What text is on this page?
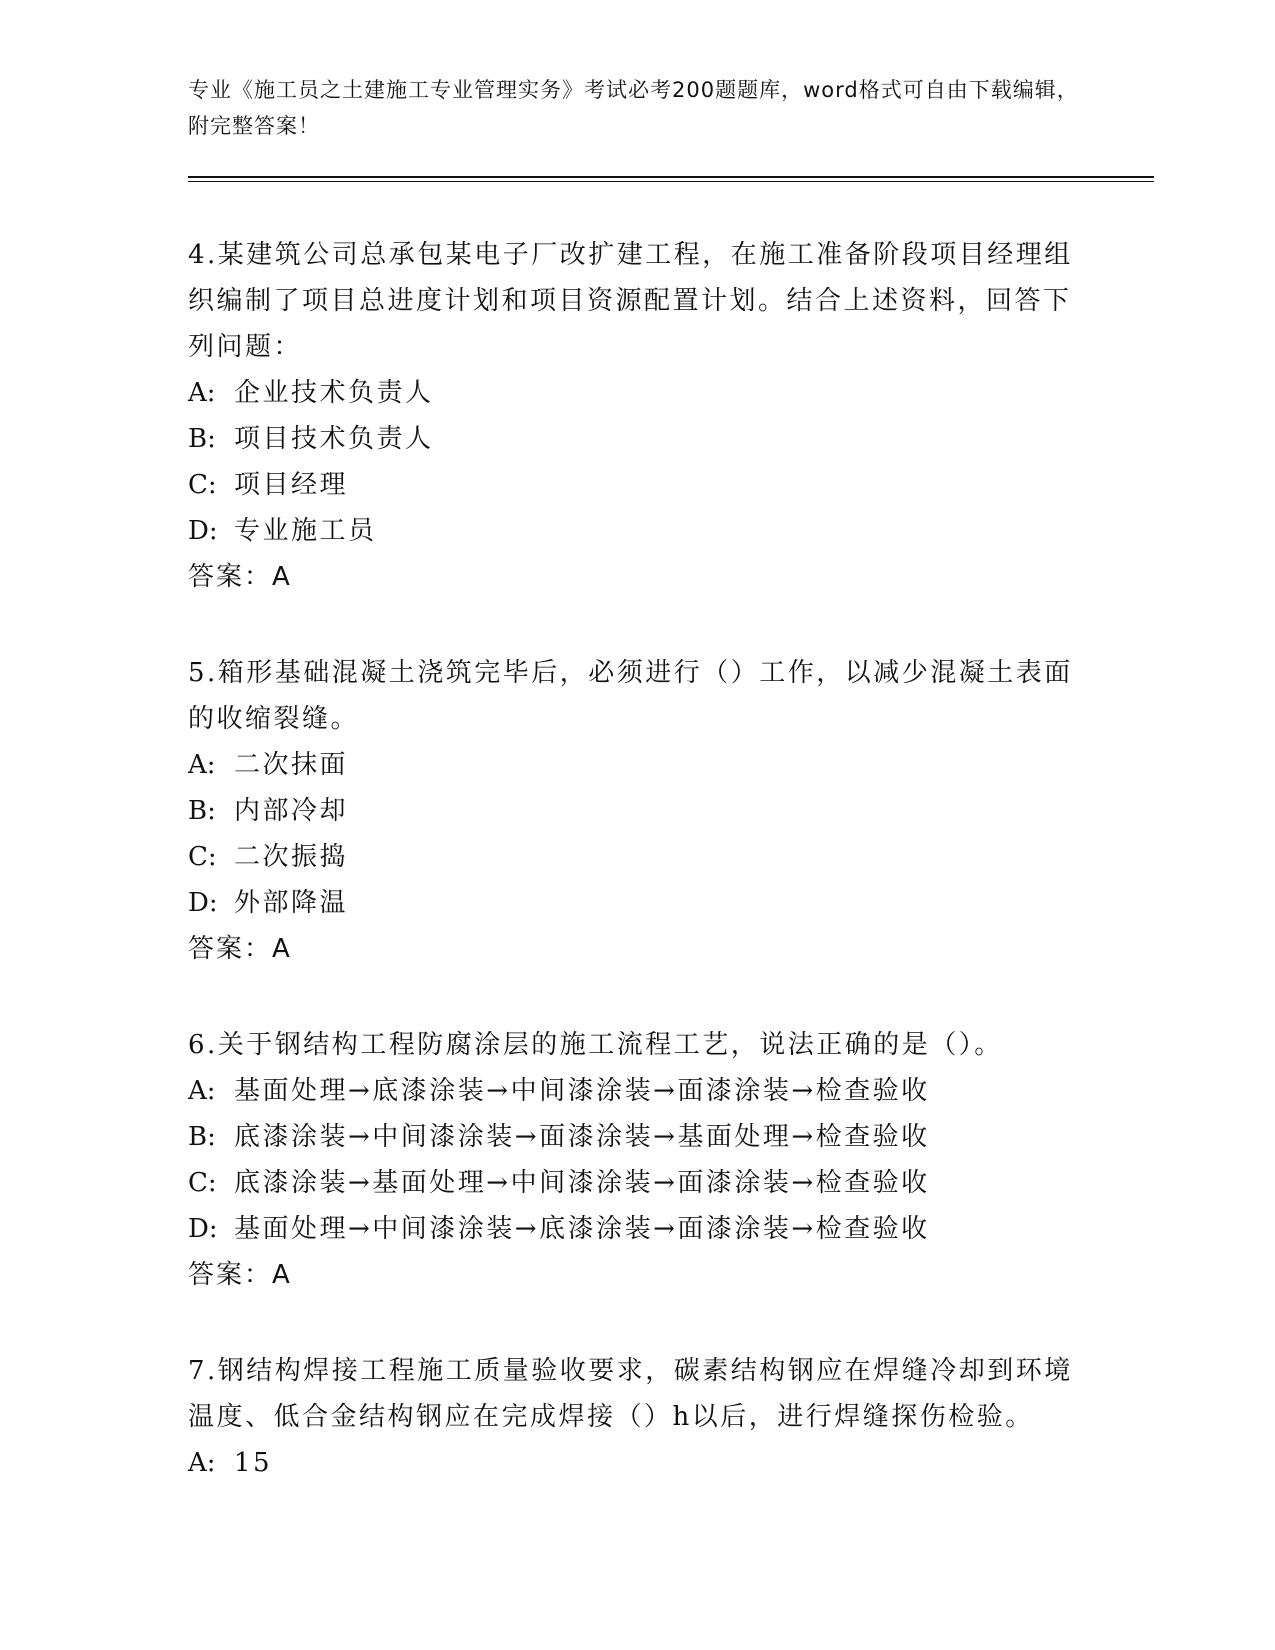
专业《施工员之土建施工专业管理实务》考试必考200题题库，word格式可自由下载编辑，附完整答案！
4.某建筑公司总承包某电子厂改扩建工程，在施工准备阶段项目经理组织编制了项目总进度计划和项目资源配置计划。结合上述资料，回答下列问题：
A: 企业技术负责人
B: 项目技术负责人
C: 项目经理
D: 专业施工员
答案：A
5.箱形基础混凝土浇筑完毕后，必须进行（）工作，以减少混凝土表面的收缩裂缝。
A: 二次抹面
B: 内部冷却
C: 二次振捣
D: 外部降温
答案：A
6.关于钢结构工程防腐涂层的施工流程工艺，说法正确的是（）。
A: 基面处理→底漆涂装→中间漆涂装→面漆涂装→检查验收
B: 底漆涂装→中间漆涂装→面漆涂装→基面处理→检查验收
C: 底漆涂装→基面处理→中间漆涂装→面漆涂装→检查验收
D: 基面处理→中间漆涂装→底漆涂装→面漆涂装→检查验收
答案：A
7.钢结构焊接工程施工质量验收要求，碳素结构钢应在焊缝冷却到环境温度、低合金结构钢应在完成焊接（）h以后，进行焊缝探伤检验。
A: 15
